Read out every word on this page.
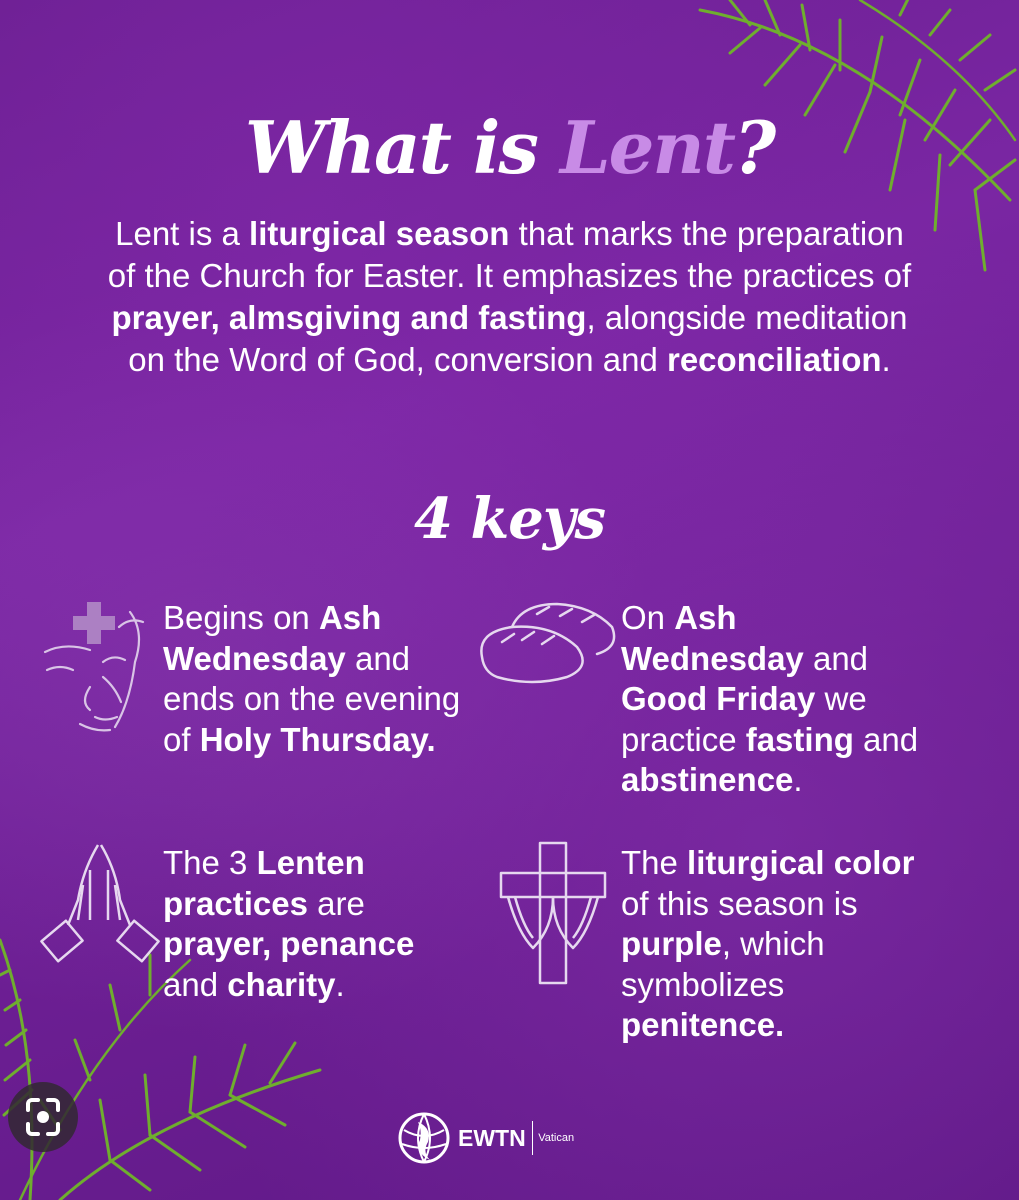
What is Lent?
Lent is a liturgical season that marks the preparation of the Church for Easter. It emphasizes the practices of prayer, almsgiving and fasting, alongside meditation on the Word of God, conversion and reconciliation.
4 keys
Begins on Ash Wednesday and ends on the evening of Holy Thursday.
On Ash Wednesday and Good Friday we practice fasting and abstinence.
The 3 Lenten practices are prayer, penance and charity.
The liturgical color of this season is purple, which symbolizes penitence.
EWTN Vatican
